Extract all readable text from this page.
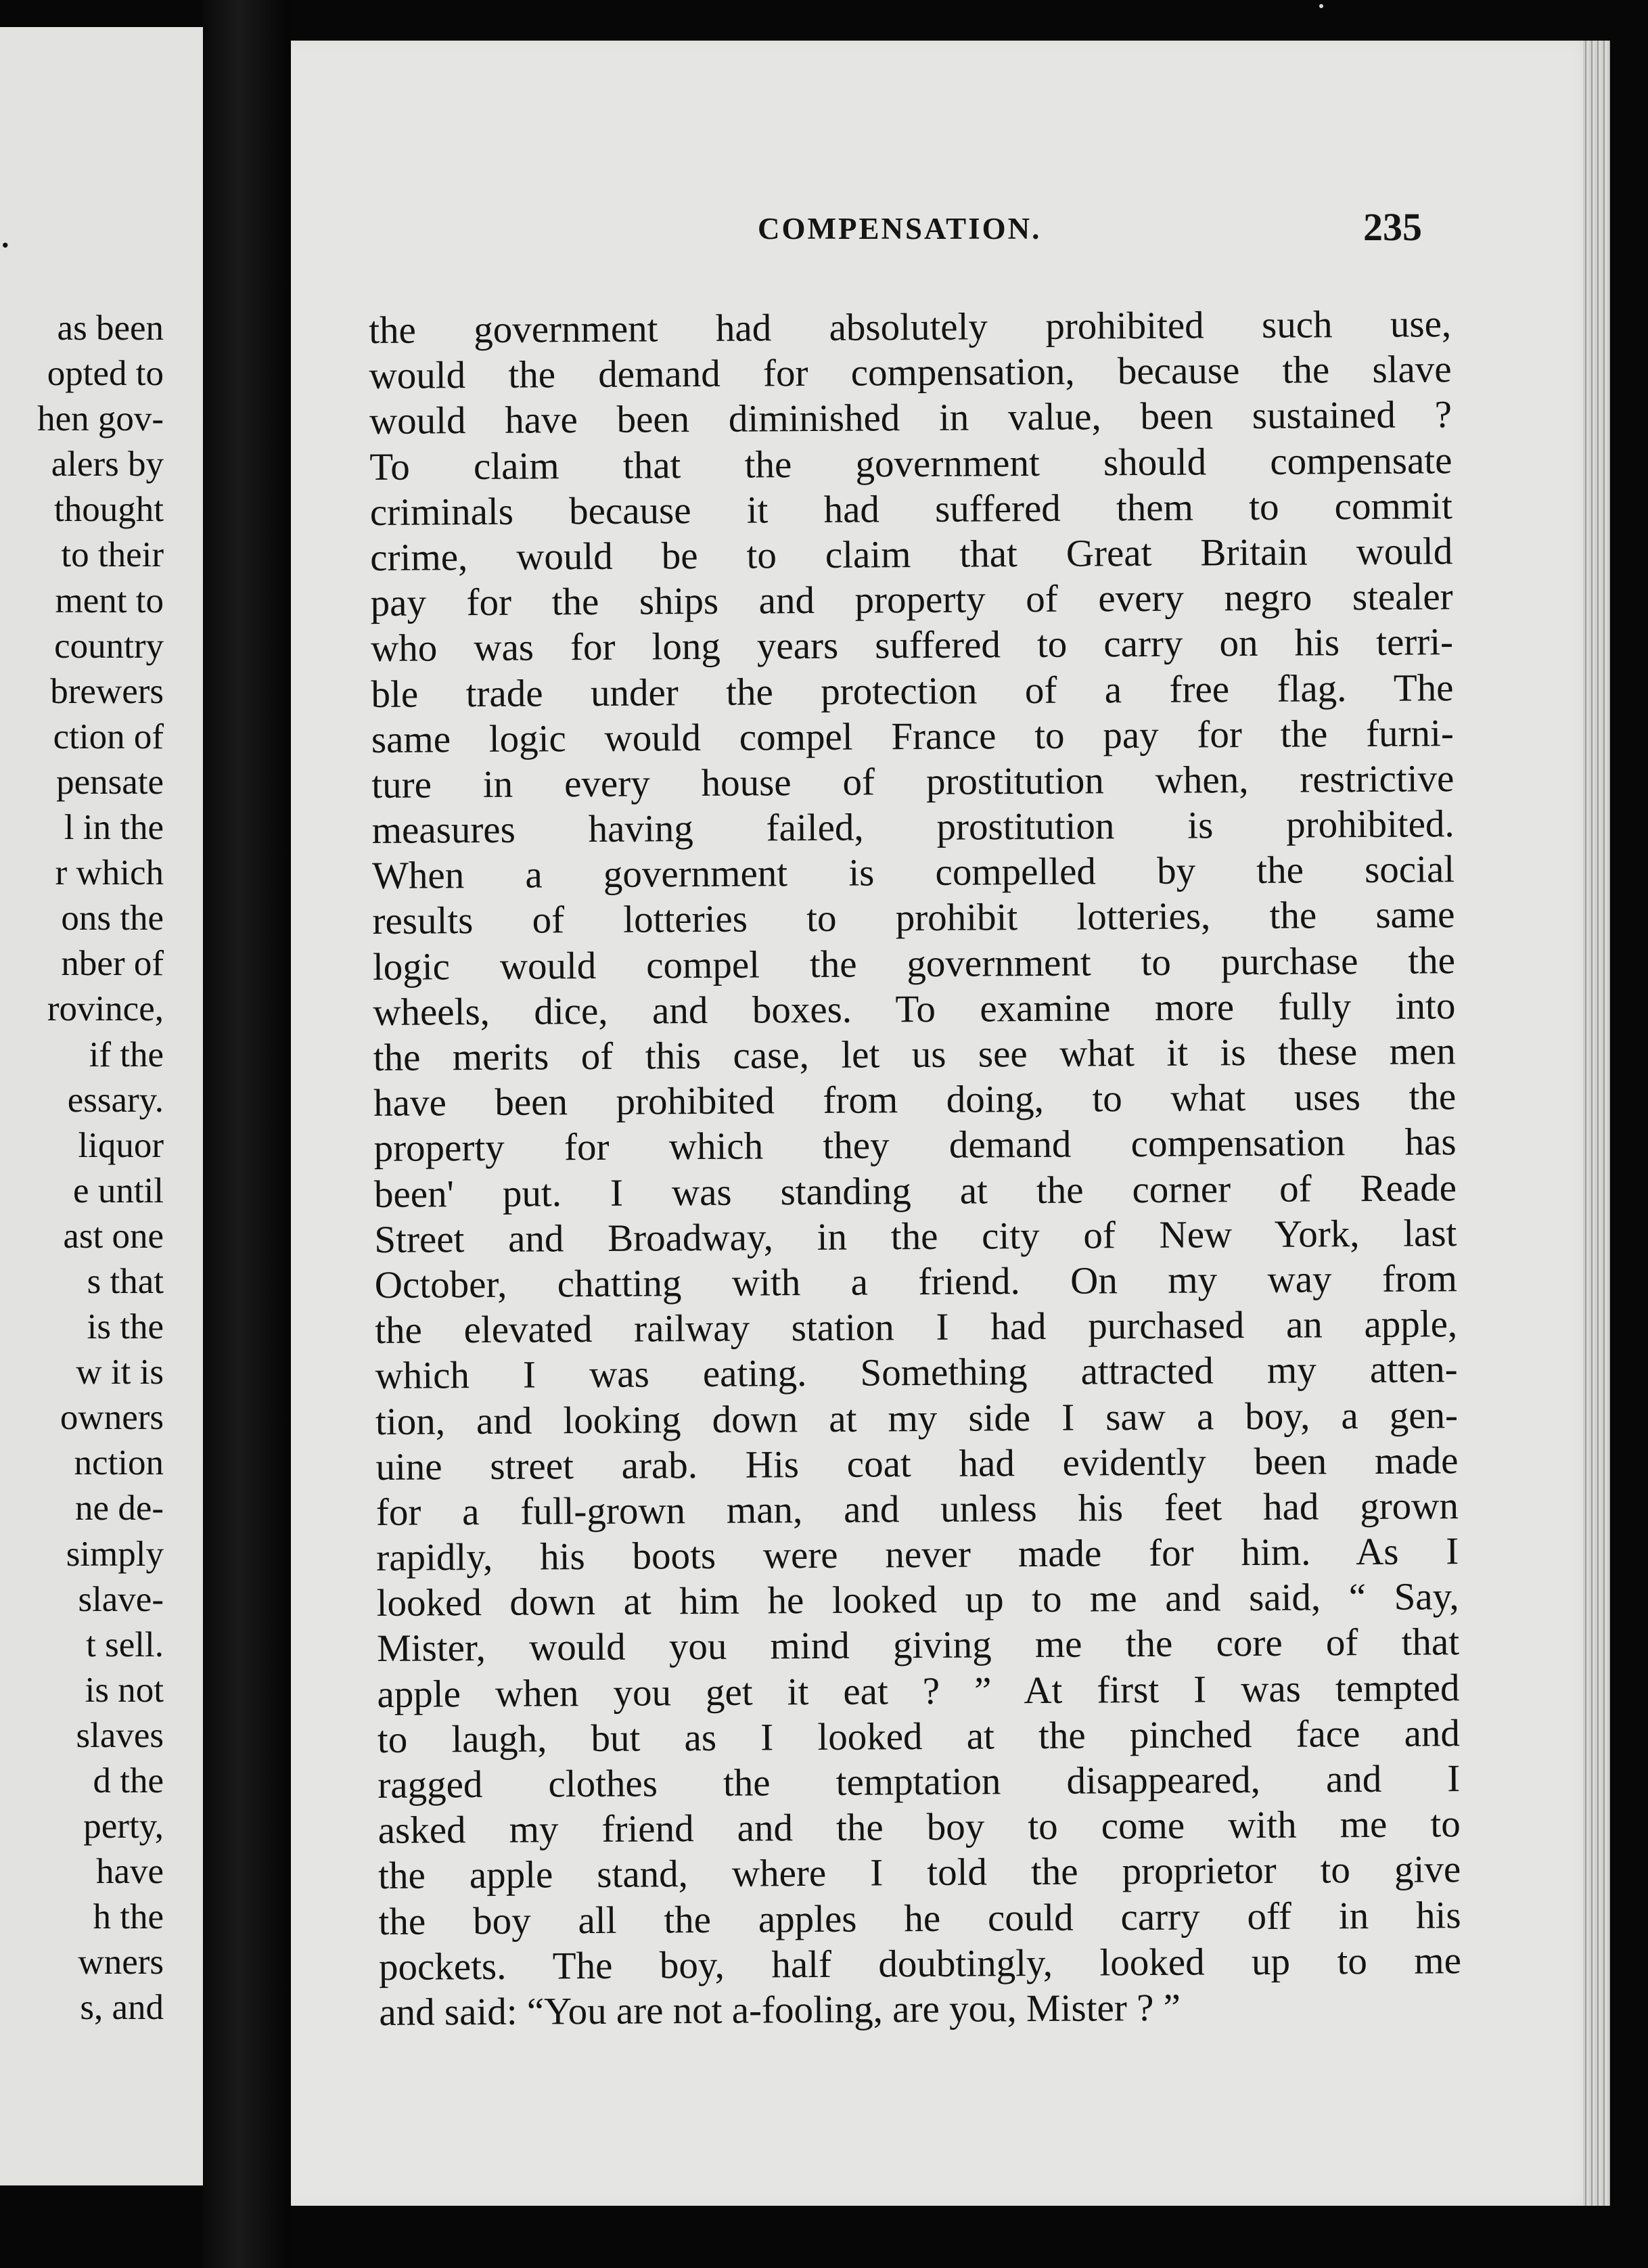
.
as been
opted to
hen gov-
alers by
thought
to their
ment to
country
brewers
ction of
pensate
l in the
r which
ons the
nber of
rovince,
if the
essary.
liquor
e until
ast one
s that
is the
w it is
owners
nction
ne de-
simply
slave-
t sell.
is not
slaves
d the
perty,
have
h the
wners
s, and
COMPENSATION.	235
the government had absolutely prohibited such use,
would the demand for compensation, because the slave
would have been diminished in value, been sustained ?
To claim that the government should compensate
criminals because it had suffered them to commit
crime, would be to claim that Great Britain would
pay for the ships and property of every negro stealer
who was for long years suffered to carry on his terri-
ble trade under the protection of a free flag. The
same logic would compel France to pay for the furni-
ture in every house of prostitution when, restrictive
measures having failed, prostitution is prohibited.
When a government is compelled by the social
results of lotteries to prohibit lotteries, the same
logic would compel the government to purchase the
wheels, dice, and boxes. To examine more fully into
the merits of this case, let us see what it is these men
have been prohibited from doing, to what uses the
property for which they demand compensation has
been' put. I was standing at the corner of Reade
Street and Broadway, in the city of New York, last
October, chatting with a friend. On my way from
the elevated railway station I had purchased an apple,
which I was eating. Something attracted my atten-
tion, and looking down at my side I saw a boy, a gen-
uine street arab. His coat had evidently been made
for a full-grown man, and unless his feet had grown
rapidly, his boots were never made for him. As I
looked down at him he looked up to me and said, “ Say,
Mister, would you mind giving me the core of that
apple when you get it eat ? ” At first I was tempted
to laugh, but as I looked at the pinched face and
ragged clothes the temptation disappeared, and I
asked my friend and the boy to come with me to
the apple stand, where I told the proprietor to give
the boy all the apples he could carry off in his
pockets. The boy, half doubtingly, looked up to me
and said: “You are not a-fooling, are you, Mister ? ”
